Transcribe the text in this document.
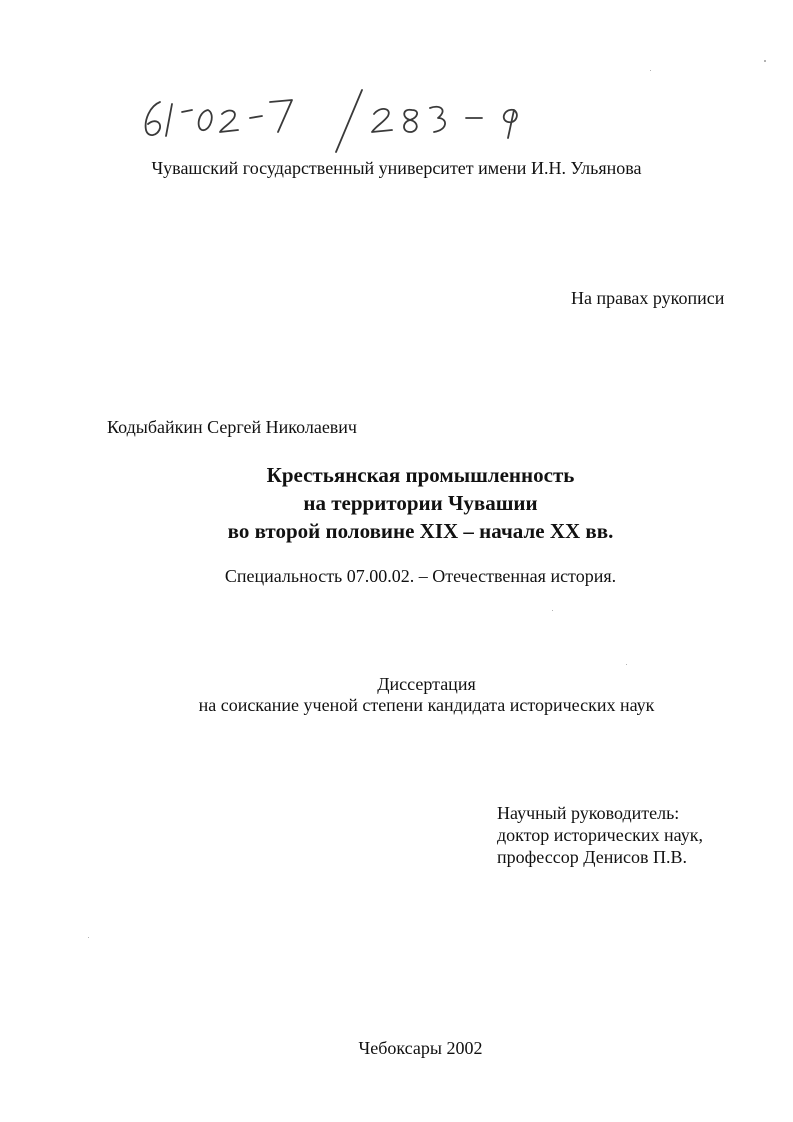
Чувашский государственный университет имени И.Н. Ульянова
На правах рукописи
Кодыбайкин Сергей Николаевич
Крестьянская промышленность
на территории Чувашии
во второй половине XIX – начале XX вв.
Специальность 07.00.02. – Отечественная история.
Диссертация
на соискание ученой степени кандидата исторических наук
Научный руководитель:
доктор исторических наук,
профессор Денисов П.В.
Чебоксары 2002
